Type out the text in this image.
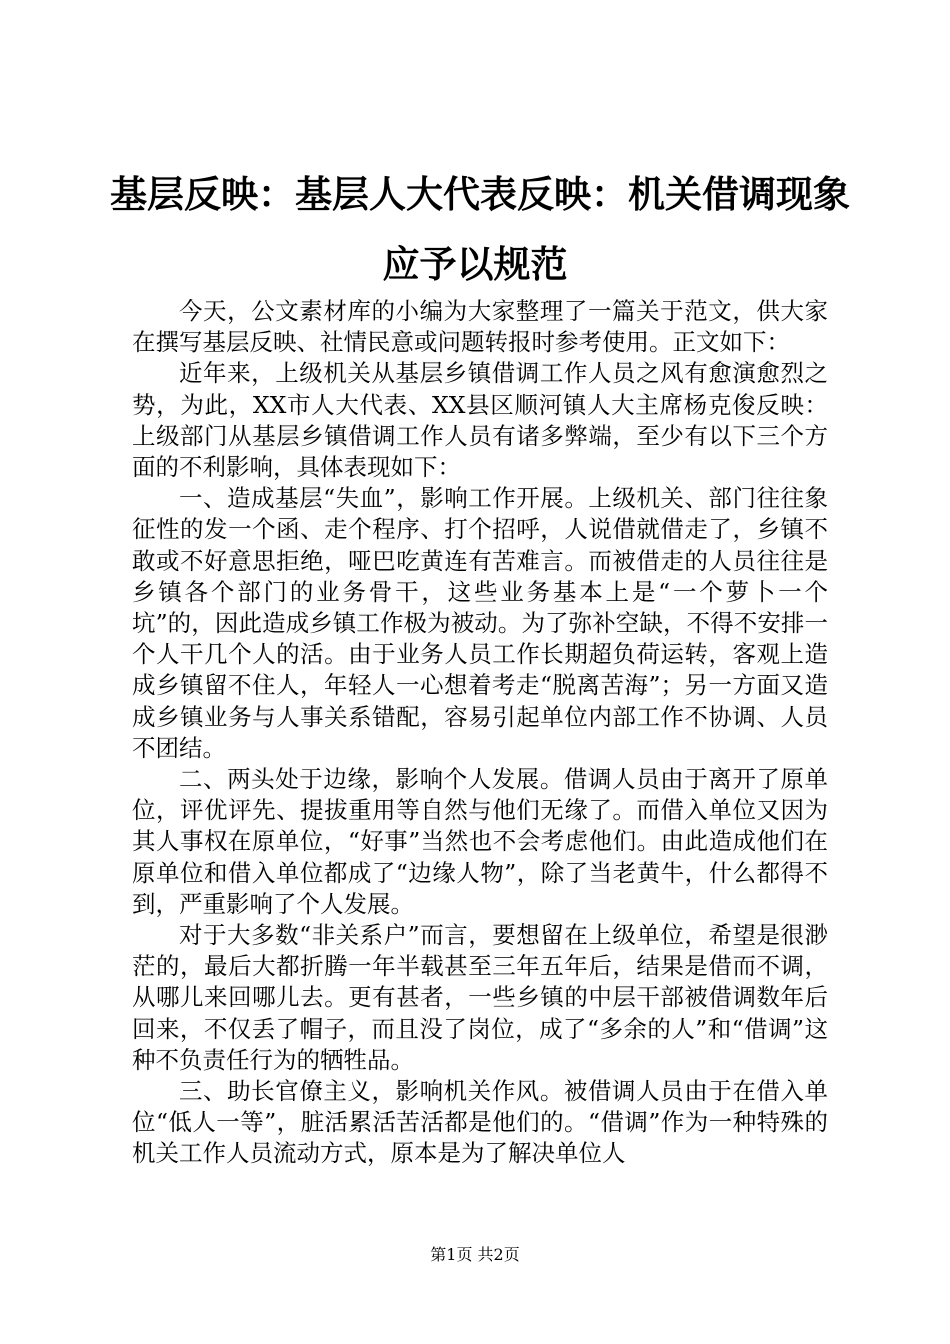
基层反映：基层人大代表反映：机关借调现象
应予以规范

今天，公文素材库的小编为大家整理了一篇关于范文，供大家在撰写基层反映、社情民意或问题转报时参考使用。正文如下：

近年来，上级机关从基层乡镇借调工作人员之风有愈演愈烈之势，为此，XX市人大代表、XX县区顺河镇人大主席杨克俊反映：上级部门从基层乡镇借调工作人员有诸多弊端，至少有以下三个方面的不利影响，具体表现如下：

一、造成基层“失血”，影响工作开展。上级机关、部门往往象征性的发一个函、走个程序、打个招呼，人说借就借走了，乡镇不敢或不好意思拒绝，哑巴吃黄连有苦难言。而被借走的人员往往是乡镇各个部门的业务骨干，这些业务基本上是“一个萝卜一个坑”的，因此造成乡镇工作极为被动。为了弥补空缺，不得不安排一个人干几个人的活。由于业务人员工作长期超负荷运转，客观上造成乡镇留不住人，年轻人一心想着考走“脱离苦海”；另一方面又造成乡镇业务与人事关系错配，容易引起单位内部工作不协调、人员不团结。

二、两头处于边缘，影响个人发展。借调人员由于离开了原单位，评优评先、提拔重用等自然与他们无缘了。而借入单位又因为其人事权在原单位，“好事”当然也不会考虑他们。由此造成他们在原单位和借入单位都成了“边缘人物”，除了当老黄牛，什么都得不到，严重影响了个人发展。

对于大多数“非关系户”而言，要想留在上级单位，希望是很渺茫的，最后大都折腾一年半载甚至三年五年后，结果是借而不调，从哪儿来回哪儿去。更有甚者，一些乡镇的中层干部被借调数年后回来，不仅丢了帽子，而且没了岗位，成了“多余的人”和“借调”这种不负责任行为的牺牲品。

三、助长官僚主义，影响机关作风。被借调人员由于在借入单位“低人一等”，脏活累活苦活都是他们的。“借调”作为一种特殊的机关工作人员流动方式，原本是为了解决单位人

第1页 共2页
